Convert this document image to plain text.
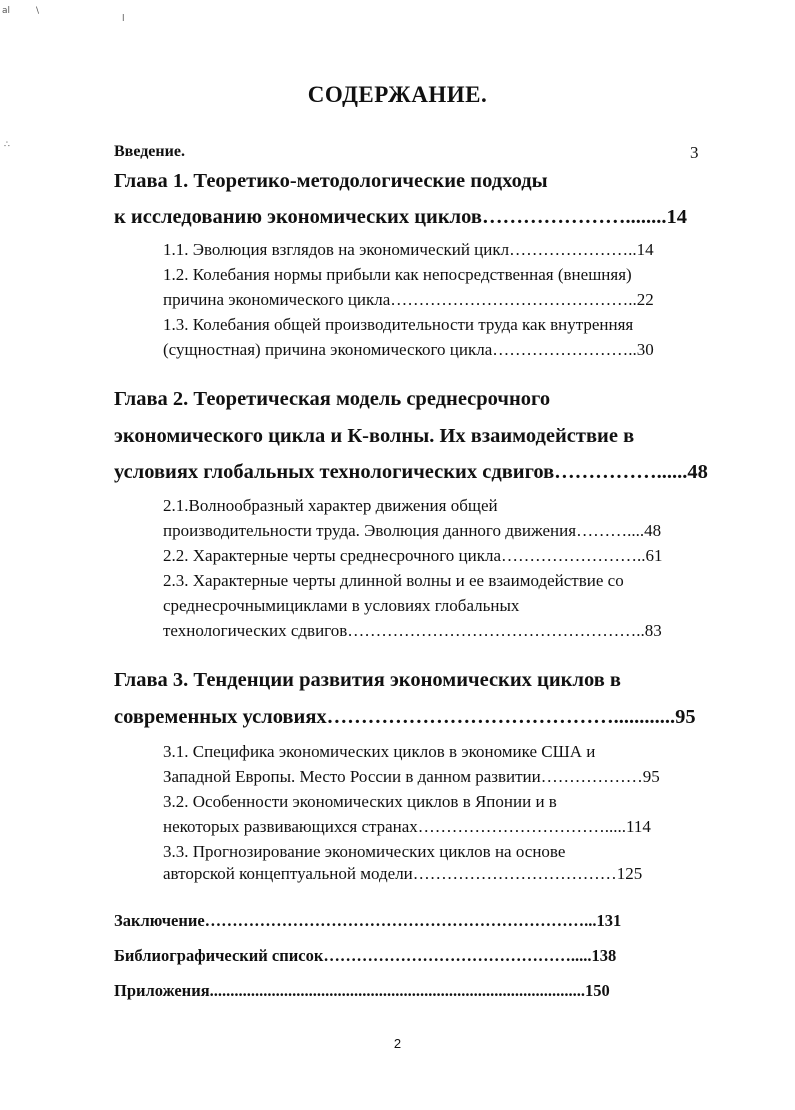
al	\
l
∴
СОДЕРЖАНИЕ.
Введение.	3
Глава 1. Теоретико-методологические подходы
к исследованию экономических циклов…………………........14
1.1. Эволюция взглядов на экономический цикл…………………..14
1.2. Колебания нормы прибыли как непосредственная (внешняя)
причина экономического цикла……………………………………..22
1.3. Колебания общей производительности труда как внутренняя
(сущностная) причина экономического цикла……………………..30
Глава 2. Теоретическая модель среднесрочного
экономического цикла и К-волны. Их взаимодействие в
условиях глобальных технологических сдвигов……………......48
2.1.Волнообразный характер движения общей
производительности труда. Эволюция данного движения………....48
2.2. Характерные черты среднесрочного цикла……………………..61
2.3. Характерные черты длинной волны и ее взаимодействие со
среднесрочнымициклами в условиях глобальных
технологических сдвигов……………………………………………..83
Глава 3. Тенденции развития экономических циклов в
современных условиях……………………………………............95
3.1. Специфика экономических циклов в экономике США и
Западной Европы. Место России в данном развитии………………95
3.2. Особенности экономических циклов в Японии и в
некоторых развивающихся странах…………………………….....114
3.3. Прогнозирование экономических циклов на основе
авторской концептуальной модели………………………………125
Заключение……………………………………………………………...131
Библиографический список……………………………………….....138
Приложения...........................................................................................150
2
